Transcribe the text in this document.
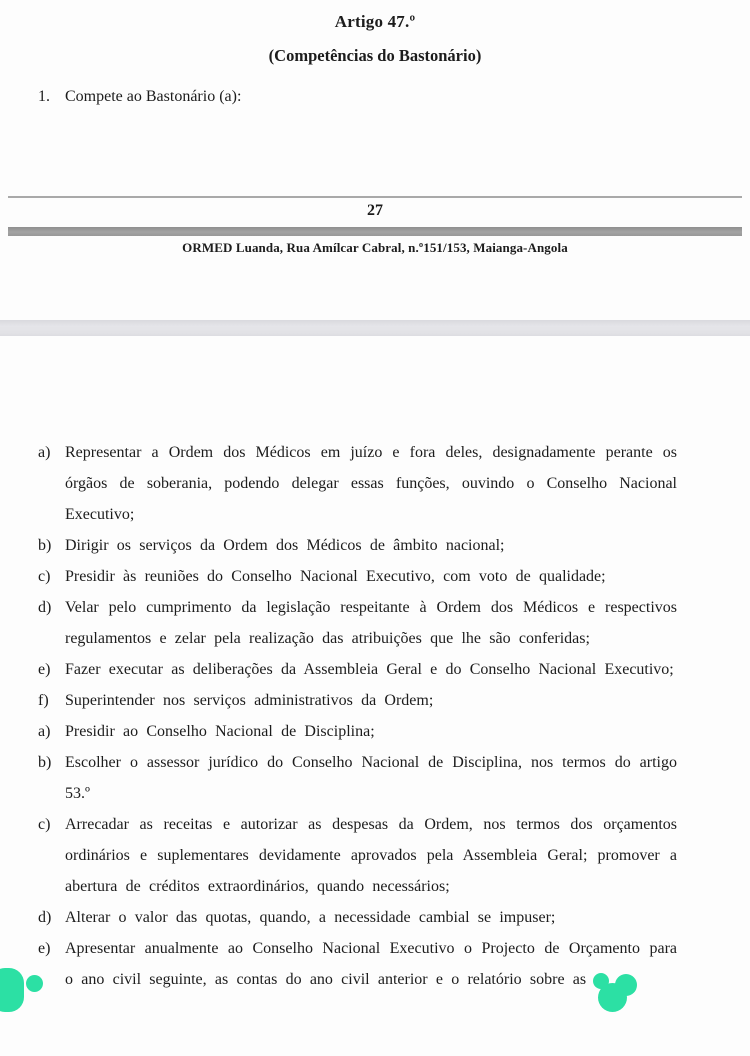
Artigo 47.º
(Competências do Bastonário)
1. Compete ao Bastonário (a):
27
ORMED Luanda, Rua Amílcar Cabral, n.º151/153, Maianga-Angola
a) Representar a Ordem dos Médicos em juízo e fora deles, designadamente perante os órgãos de soberania, podendo delegar essas funções, ouvindo o Conselho Nacional Executivo;
b) Dirigir os serviços da Ordem dos Médicos de âmbito nacional;
c) Presidir às reuniões do Conselho Nacional Executivo, com voto de qualidade;
d) Velar pelo cumprimento da legislação respeitante à Ordem dos Médicos e respectivos regulamentos e zelar pela realização das atribuições que lhe são conferidas;
e) Fazer executar as deliberações da Assembleia Geral e do Conselho Nacional Executivo;
f)	Superintender nos serviços administrativos da Ordem;
a) Presidir ao Conselho Nacional de Disciplina;
b) Escolher o assessor jurídico do Conselho Nacional de Disciplina, nos termos do artigo 53.º
c) Arrecadar as receitas e autorizar as despesas da Ordem, nos termos dos orçamentos ordinários e suplementares devidamente aprovados pela Assembleia Geral; promover a abertura de créditos extraordinários, quando necessários;
d) Alterar o valor das quotas, quando, a necessidade cambial se impuser;
e) Apresentar anualmente ao Conselho Nacional Executivo o Projecto de Orçamento para o ano civil seguinte, as contas do ano civil anterior e o relatório sobre as
